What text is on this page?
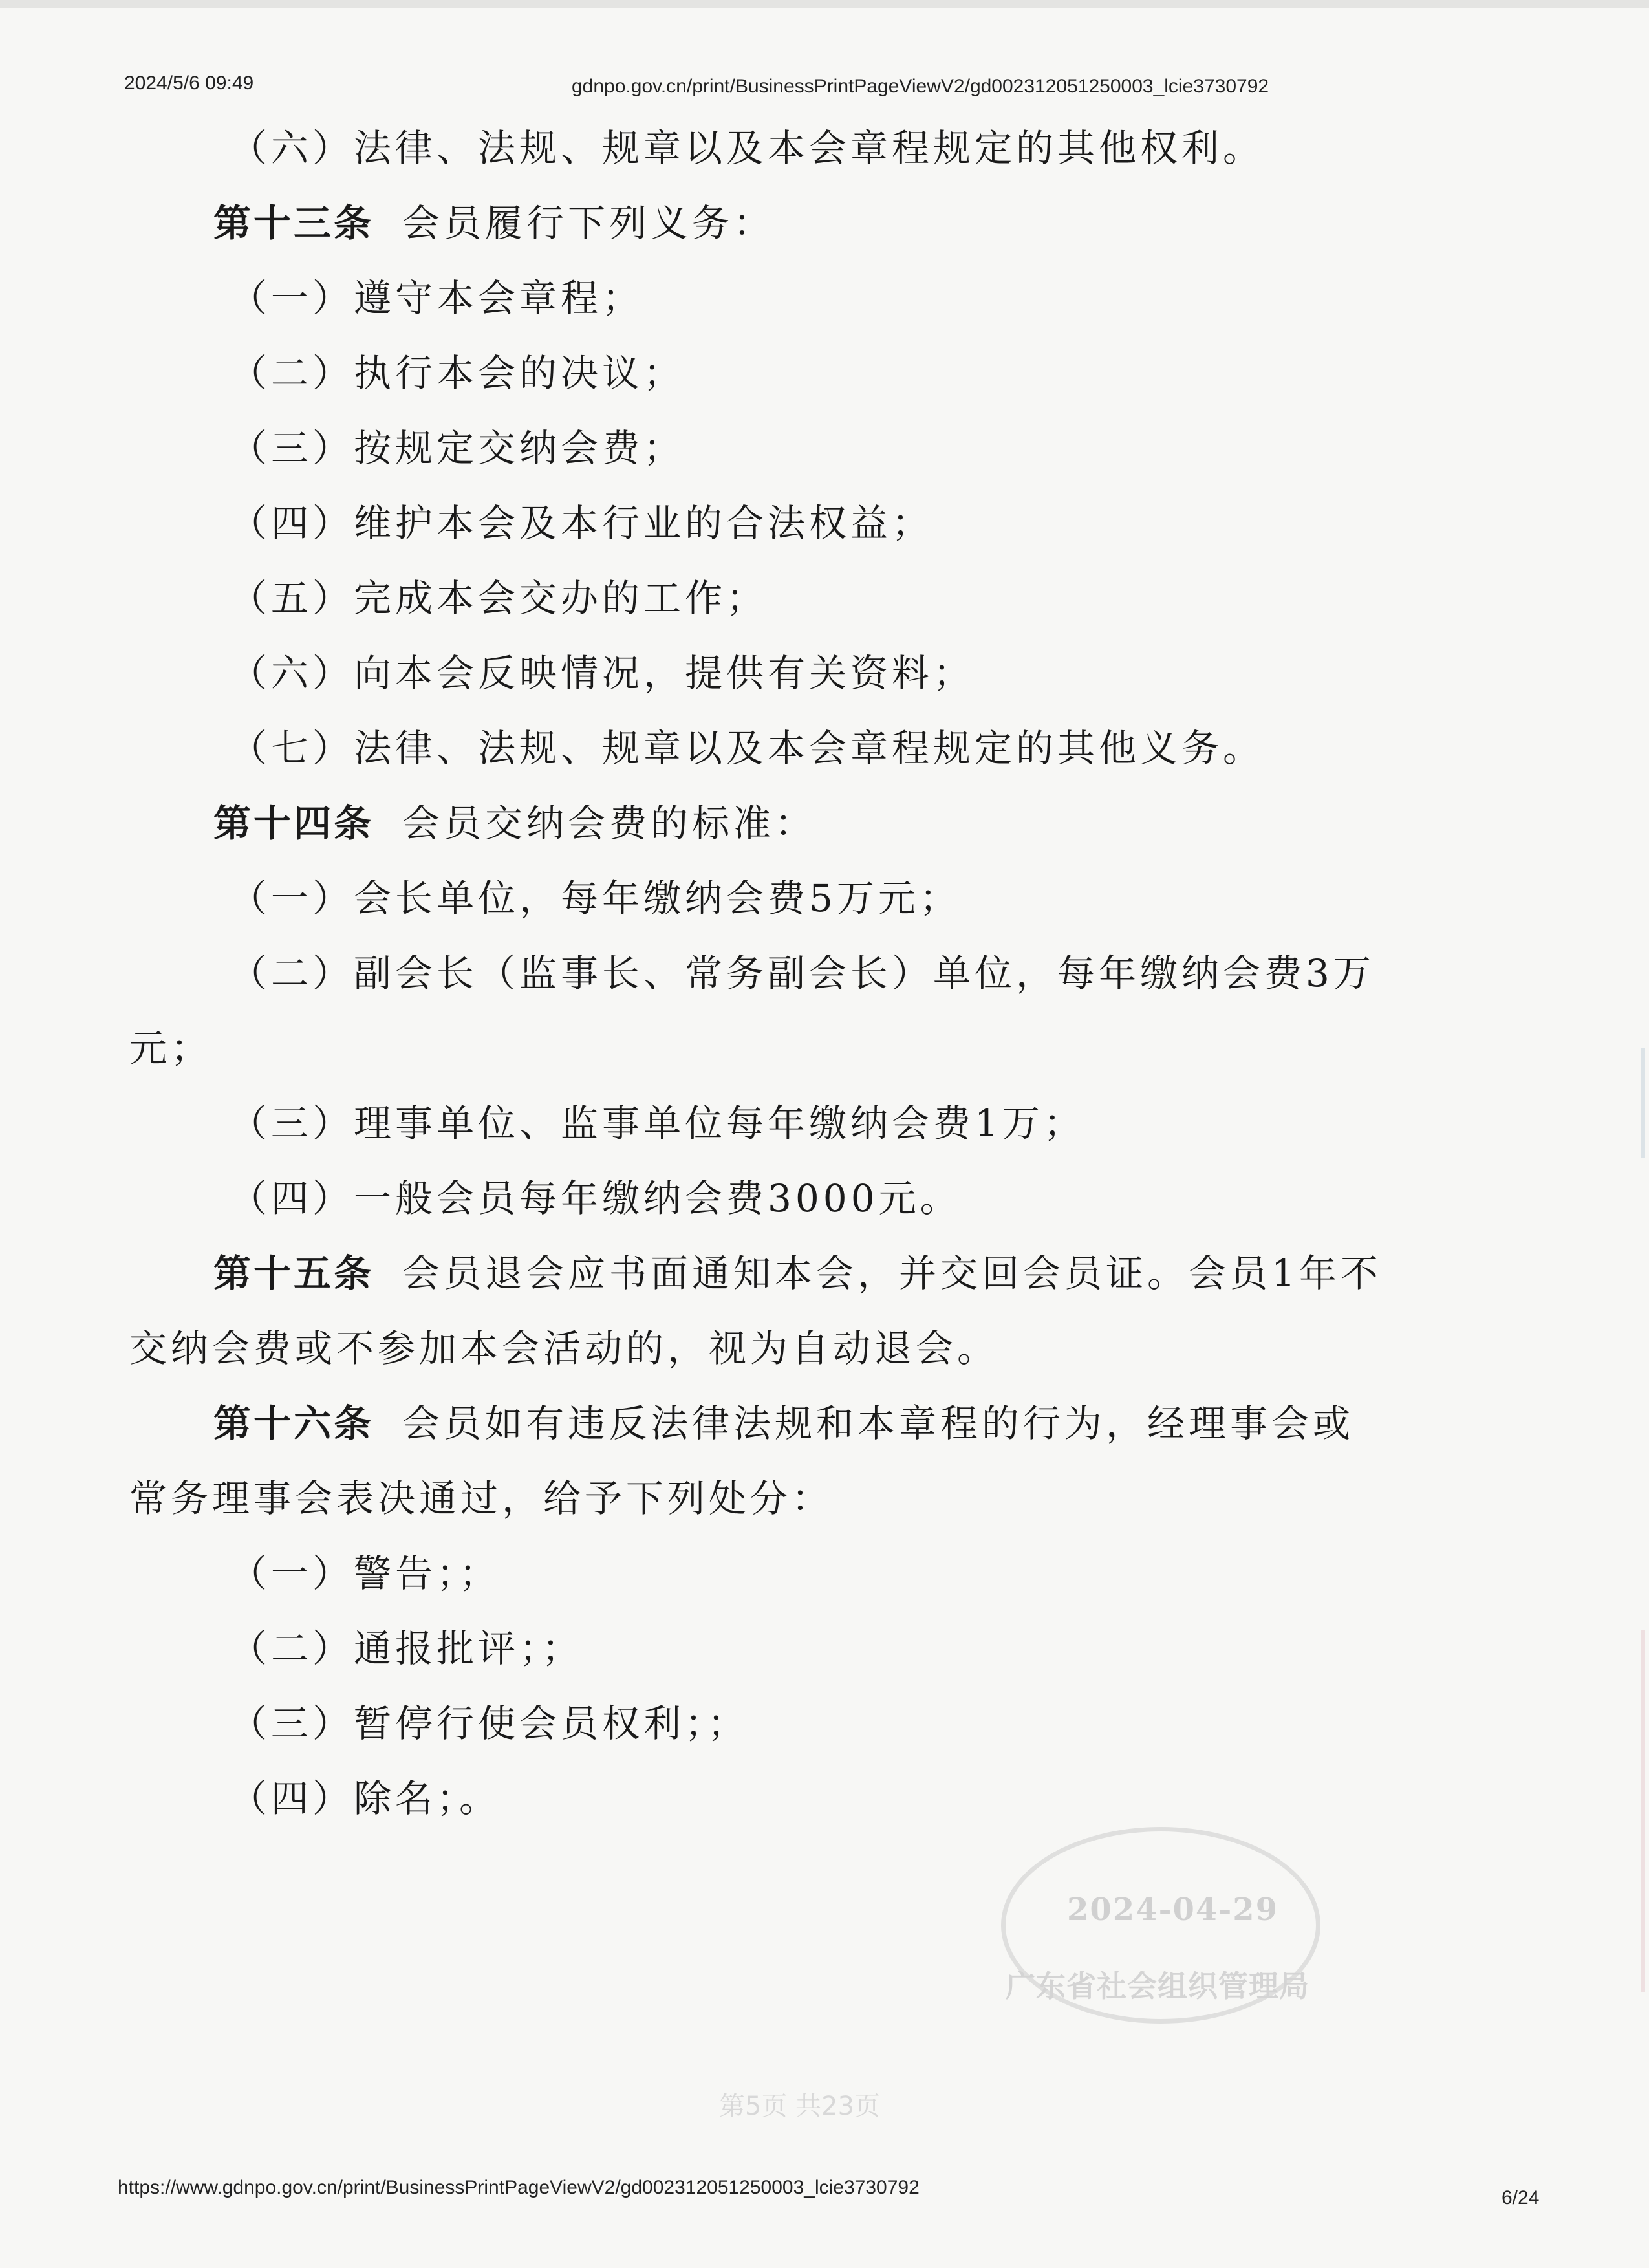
2024/5/6 09:49	gdnpo.gov.cn/print/BusinessPrintPageViewV2/gd002312051250003_lcie3730792
（六）法律、法规、规章以及本会章程规定的其他权利。
第十三条 会员履行下列义务：
（一）遵守本会章程；
（二）执行本会的决议；
（三）按规定交纳会费；
（四）维护本会及本行业的合法权益；
（五）完成本会交办的工作；
（六）向本会反映情况，提供有关资料；
（七）法律、法规、规章以及本会章程规定的其他义务。
第十四条 会员交纳会费的标准：
（一）会长单位，每年缴纳会费5万元；
（二）副会长（监事长、常务副会长）单位，每年缴纳会费3万
元；
（三）理事单位、监事单位每年缴纳会费1万；
（四）一般会员每年缴纳会费3000元。
第十五条 会员退会应书面通知本会，并交回会员证。会员1年不
交纳会费或不参加本会活动的，视为自动退会。
第十六条 会员如有违反法律法规和本章程的行为，经理事会或
常务理事会表决通过，给予下列处分：
（一）警告；；
（二）通报批评；；
（三）暂停行使会员权利；；
（四）除名；。
2024-04-29
广东省社会组织管理局
第5页 共23页
https://www.gdnpo.gov.cn/print/BusinessPrintPageViewV2/gd002312051250003_lcie3730792	6/24
